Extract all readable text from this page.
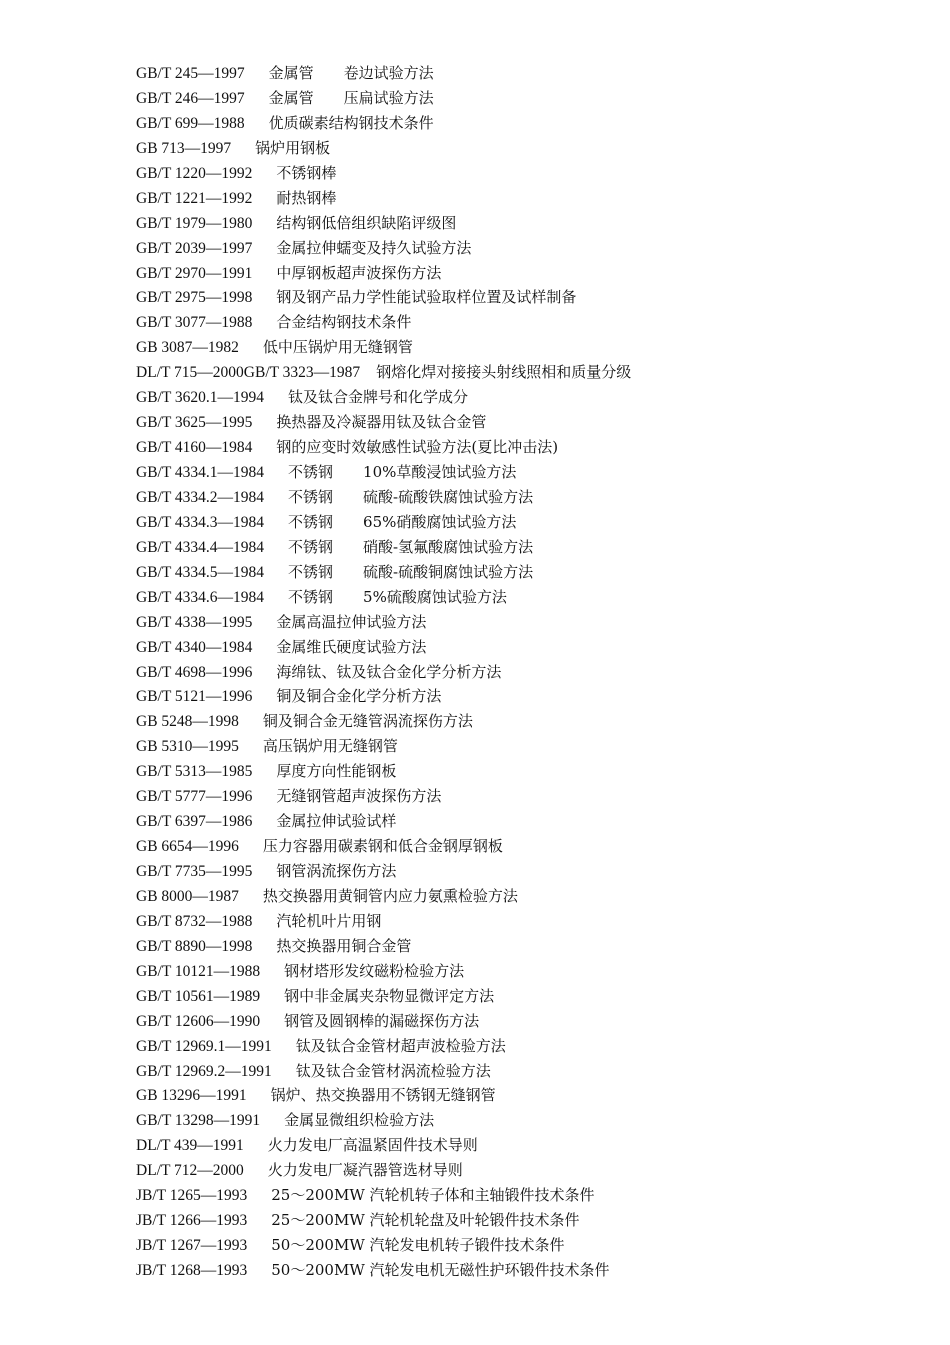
GB/T 245—1997 金属管　　卷边试验方法
GB/T 246—1997 金属管　　压扁试验方法
GB/T 699—1988 优质碳素结构钢技术条件
GB 713—1997 锅炉用钢板
GB/T 1220—1992 不锈钢棒
GB/T 1221—1992 耐热钢棒
GB/T 1979—1980 结构钢低倍组织缺陷评级图
GB/T 2039—1997 金属拉伸蠕变及持久试验方法
GB/T 2970—1991 中厚钢板超声波探伤方法
GB/T 2975—1998 钢及钢产品力学性能试验取样位置及试样制备
GB/T 3077—1988 合金结构钢技术条件
GB 3087—1982 低中压锅炉用无缝钢管
DL/T 715—2000GB/T 3323—1987 钢熔化焊对接接头射线照相和质量分级
GB/T 3620.1—1994 钛及钛合金牌号和化学成分
GB/T 3625—1995 换热器及冷凝器用钛及钛合金管
GB/T 4160—1984 钢的应变时效敏感性试验方法(夏比冲击法)
GB/T 4334.1—1984 不锈钢　　10%草酸浸蚀试验方法
GB/T 4334.2—1984 不锈钢　　硫酸-硫酸铁腐蚀试验方法
GB/T 4334.3—1984 不锈钢　　65%硝酸腐蚀试验方法
GB/T 4334.4—1984 不锈钢　　硝酸-氢氟酸腐蚀试验方法
GB/T 4334.5—1984 不锈钢　　硫酸-硫酸铜腐蚀试验方法
GB/T 4334.6—1984 不锈钢　　5%硫酸腐蚀试验方法
GB/T 4338—1995 金属高温拉伸试验方法
GB/T 4340—1984 金属维氏硬度试验方法
GB/T 4698—1996 海绵钛、钛及钛合金化学分析方法
GB/T 5121—1996 铜及铜合金化学分析方法
GB 5248—1998 铜及铜合金无缝管涡流探伤方法
GB 5310—1995 高压锅炉用无缝钢管
GB/T 5313—1985 厚度方向性能钢板
GB/T 5777—1996 无缝钢管超声波探伤方法
GB/T 6397—1986 金属拉伸试验试样
GB 6654—1996 压力容器用碳素钢和低合金钢厚钢板
GB/T 7735—1995 钢管涡流探伤方法
GB 8000—1987 热交换器用黄铜管内应力氨熏检验方法
GB/T 8732—1988 汽轮机叶片用钢
GB/T 8890—1998 热交换器用铜合金管
GB/T 10121—1988 钢材塔形发纹磁粉检验方法
GB/T 10561—1989 钢中非金属夹杂物显微评定方法
GB/T 12606—1990 钢管及圆钢棒的漏磁探伤方法
GB/T 12969.1—1991 钛及钛合金管材超声波检验方法
GB/T 12969.2—1991 钛及钛合金管材涡流检验方法
GB 13296—1991 锅炉、热交换器用不锈钢无缝钢管
GB/T 13298—1991 金属显微组织检验方法
DL/T 439—1991 火力发电厂高温紧固件技术导则
DL/T 712—2000 火力发电厂凝汽器管选材导则
JB/T 1265—1993 25～200MW 汽轮机转子体和主轴锻件技术条件
JB/T 1266—1993 25～200MW 汽轮机轮盘及叶轮锻件技术条件
JB/T 1267—1993 50～200MW 汽轮发电机转子锻件技术条件
JB/T 1268—1993 50～200MW 汽轮发电机无磁性护环锻件技术条件
